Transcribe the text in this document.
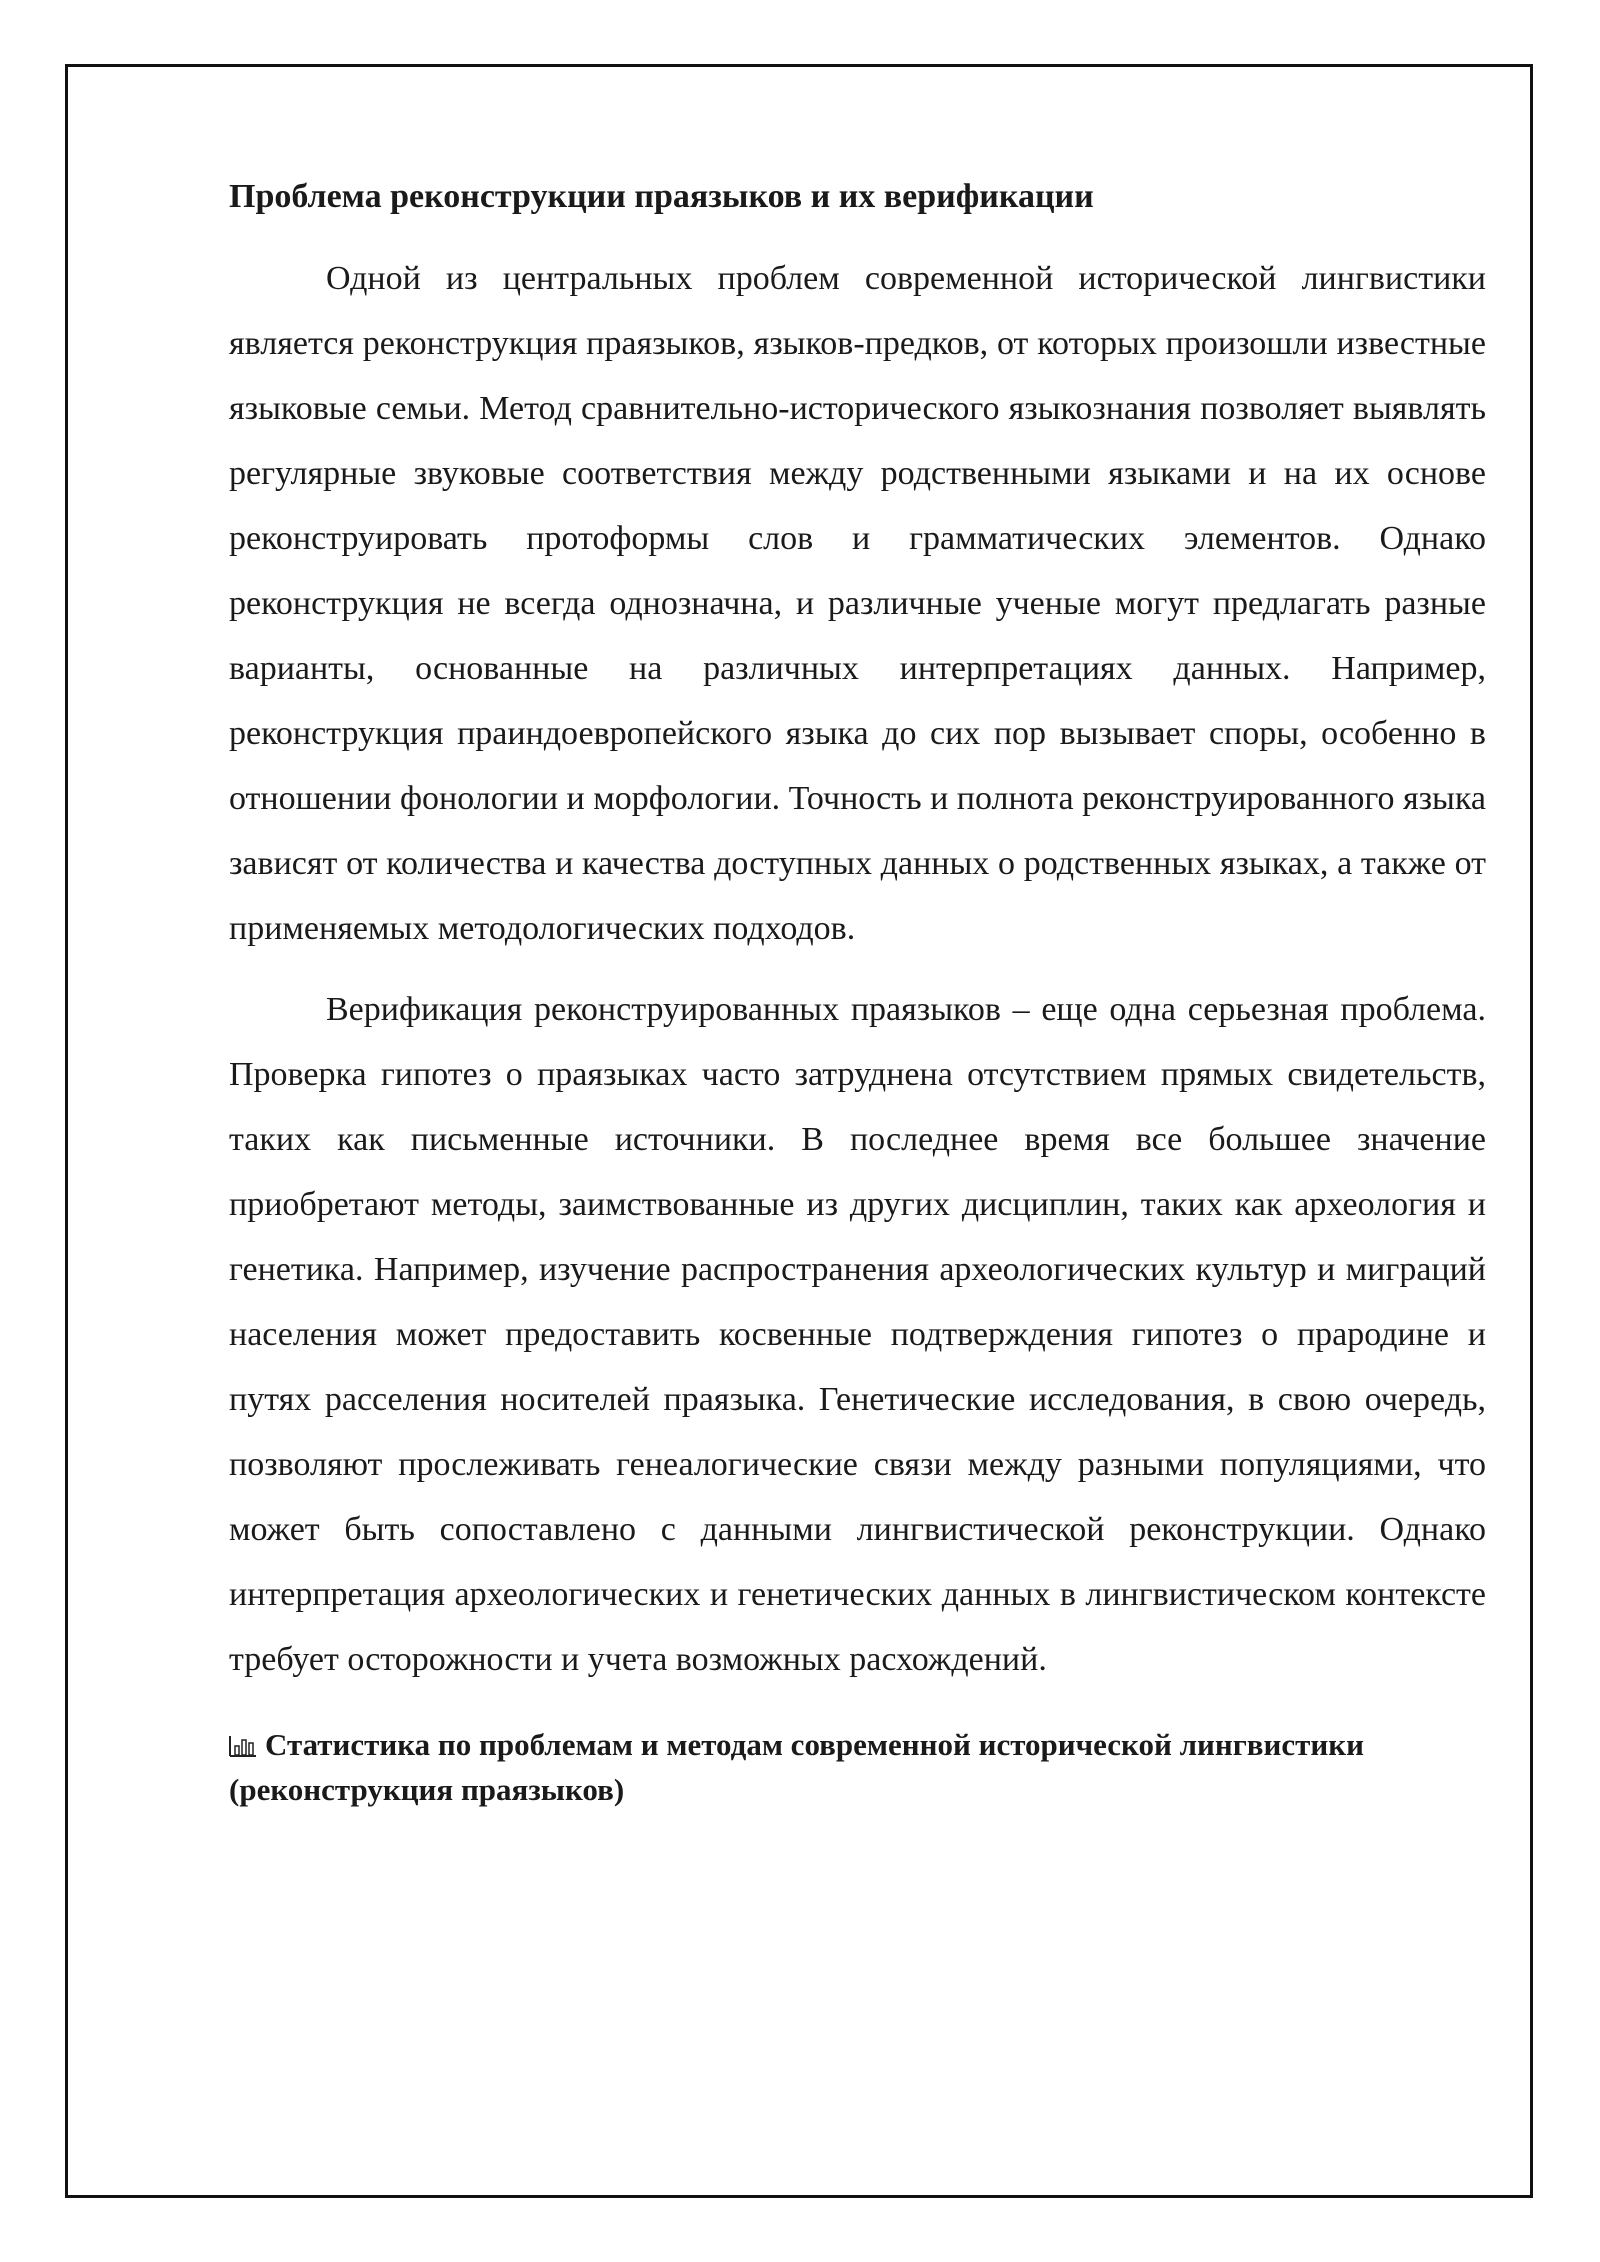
Проблема реконструкции праязыков и их верификации

Одной из центральных проблем современной исторической лингвистики является реконструкция праязыков, языков-предков, от которых произошли известные языковые семьи. Метод сравнительно-исторического языкознания позволяет выявлять регулярные звуковые соответствия между родственными языками и на их основе реконструировать протоформы слов и грамматических элементов. Однако реконструкция не всегда однозначна, и различные ученые могут предлагать разные варианты, основанные на различных интерпретациях данных. Например, реконструкция праиндоевропейского языка до сих пор вызывает споры, особенно в отношении фонологии и морфологии. Точность и полнота реконструированного языка зависят от количества и качества доступных данных о родственных языках, а также от применяемых методологических подходов.

Верификация реконструированных праязыков – еще одна серьезная проблема. Проверка гипотез о праязыках часто затруднена отсутствием прямых свидетельств, таких как письменные источники. В последнее время все большее значение приобретают методы, заимствованные из других дисциплин, таких как археология и генетика. Например, изучение распространения археологических культур и миграций населения может предоставить косвенные подтверждения гипотез о прародине и путях расселения носителей праязыка. Генетические исследования, в свою очередь, позволяют прослеживать генеалогические связи между разными популяциями, что может быть сопоставлено с данными лингвистической реконструкции. Однако интерпретация археологических и генетических данных в лингвистическом контексте требует осторожности и учета возможных расхождений.

Статистика по проблемам и методам современной исторической лингвистики (реконструкция праязыков)
